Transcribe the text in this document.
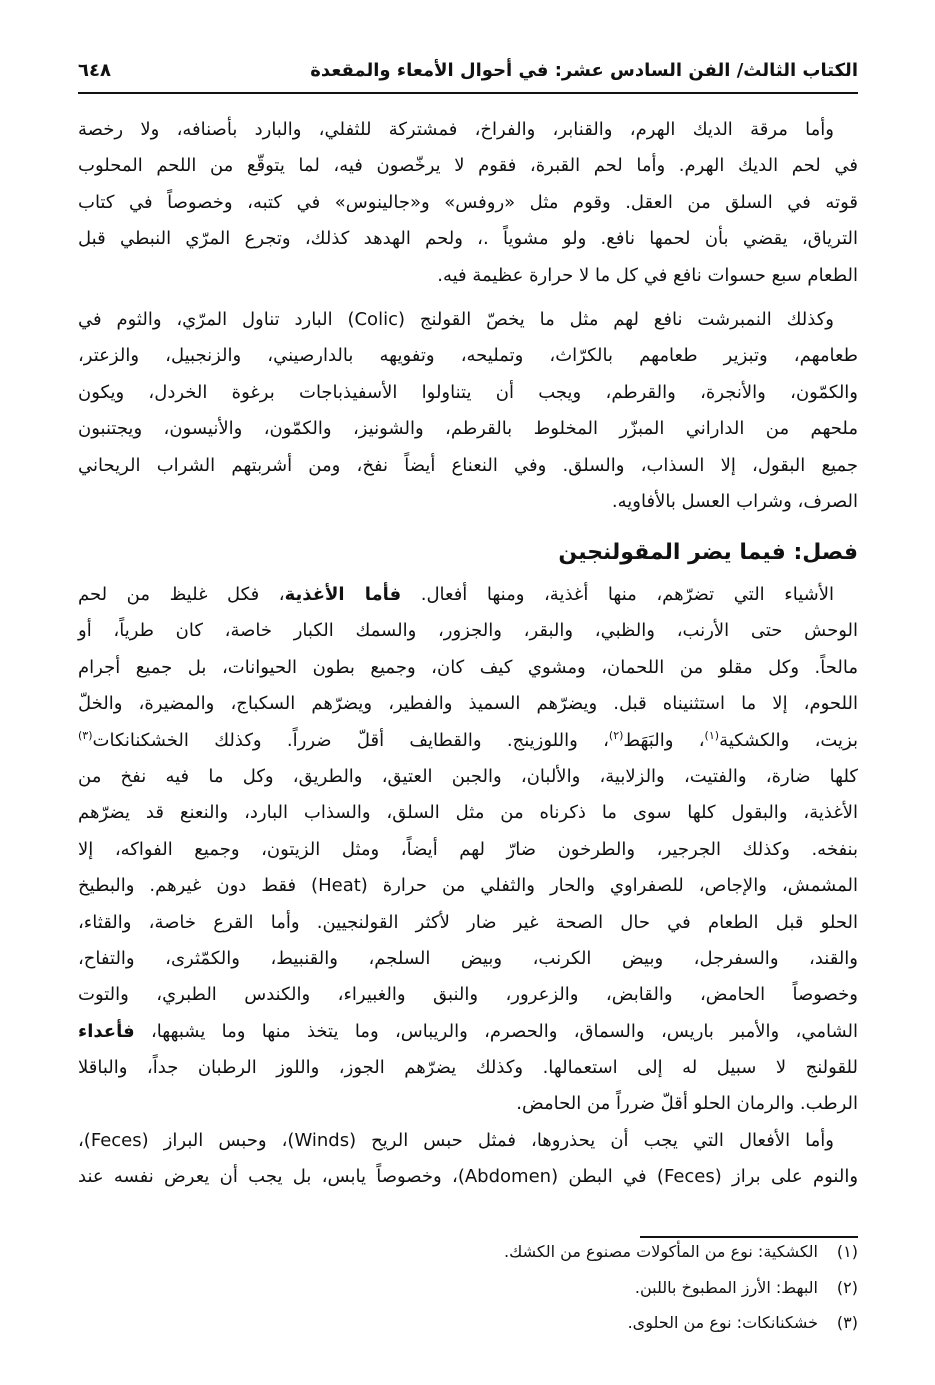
الكتاب الثالث/ الفن السادس عشر: في أحوال الأمعاء والمقعدة
٦٤٨
وأما مرقة الديك الهرم، والقنابر، والفراخ، فمشتركة للثفلي، والبارد بأصنافه، ولا رخصة
في لحم الديك الهرم. وأما لحم القبرة، فقوم لا يرخّصون فيه، لما يتوقّع من اللحم المحلوب
قوته في السلق من العقل. وقوم مثل «روفس» و«جالينوس» في كتبه، وخصوصاً في كتاب
الترياق، يقضي بأن لحمها نافع. ولو مشوياً .، ولحم الهدهد كذلك، وتجرع المرّي النبطي قبل
الطعام سبع حسوات نافع في كل ما لا حرارة عظيمة فيه.
وكذلك النمبرشت نافع لهم مثل ما يخصّ القولنج (Colic) البارد تناول المرّي، والثوم في
طعامهم، وتبزير طعامهم بالكرّاث، وتمليحه، وتفويهه بالدارصيني، والزنجبيل، والزعتر،
والكمّون، والأنجرة، والقرطم، ويجب أن يتناولوا الأسفيذباجات برغوة الخردل، ويكون
ملحهم من الداراني المبزّر المخلوط بالقرطم، والشونيز، والكمّون، والأنيسون، ويجتنبون
جميع البقول، إلا السذاب، والسلق. وفي النعناع أيضاً نفخ، ومن أشربتهم الشراب الريحاني
الصرف، وشراب العسل بالأفاويه.
فصل: فيما يضر المقولنجين
الأشياء التي تضرّهم، منها أغذية، ومنها أفعال. فأما الأغذية، فكل غليظ من لحم
الوحش حتى الأرنب، والظبي، والبقر، والجزور، والسمك الكبار خاصة، كان طرياً، أو
مالحاً. وكل مقلو من اللحمان، ومشوي كيف كان، وجميع بطون الحيوانات، بل جميع أجرام
اللحوم، إلا ما استثنيناه قبل. ويضرّهم السميذ والفطير، ويضرّهم السكباج، والمضيرة، والخلّ
بزيت، والكشكية$^{(١)}$، والبَهَط$^{(٢)}$، واللوزينج. والقطايف أقلّ ضرراً. وكذلك الخشكنانكات$^{(٣)}$
كلها ضارة، والفتيت، والزلابية، والألبان، والجبن العتيق، والطريق، وكل ما فيه نفخ من
الأغذية، والبقول كلها سوى ما ذكرناه من مثل السلق، والسذاب البارد، والنعنع قد يضرّهم
بنفخه. وكذلك الجرجير، والطرخون ضارّ لهم أيضاً، ومثل الزيتون، وجميع الفواكه، إلا
المشمش، والإجاص، للصفراوي والحار والثفلي من حرارة (Heat) فقط دون غيرهم. والبطيخ
الحلو قبل الطعام في حال الصحة غير ضار لأكثر القولنجيين. وأما القرع خاصة، والقثاء،
والقند، والسفرجل، وبيض الكرنب، وبيض السلجم، والقنبيط، والكمّثرى، والتفاح،
وخصوصاً الحامض، والقابض، والزعرور، والنبق والغبيراء، والكندس الطبري، والتوت
الشامي، والأمبر باريس، والسماق، والحصرم، والريباس، وما يتخذ منها وما يشبهها، فأعداء
للقولنج لا سبيل له إلى استعمالها. وكذلك يضرّهم الجوز، واللوز الرطبان جداً، والباقلا
الرطب. والرمان الحلو أقلّ ضرراً من الحامض.
وأما الأفعال التي يجب أن يحذروها، فمثل حبس الريح (Winds)، وحبس البراز (Feces)،
والنوم على براز (Feces) في البطن (Abdomen)، وخصوصاً يابس، بل يجب أن يعرض نفسه عند
(١)الكشكية: نوع من المأكولات مصنوع من الكشك.
(٢)البهط: الأرز المطبوخ باللبن.
(٣)خشكنانكات: نوع من الحلوى.
